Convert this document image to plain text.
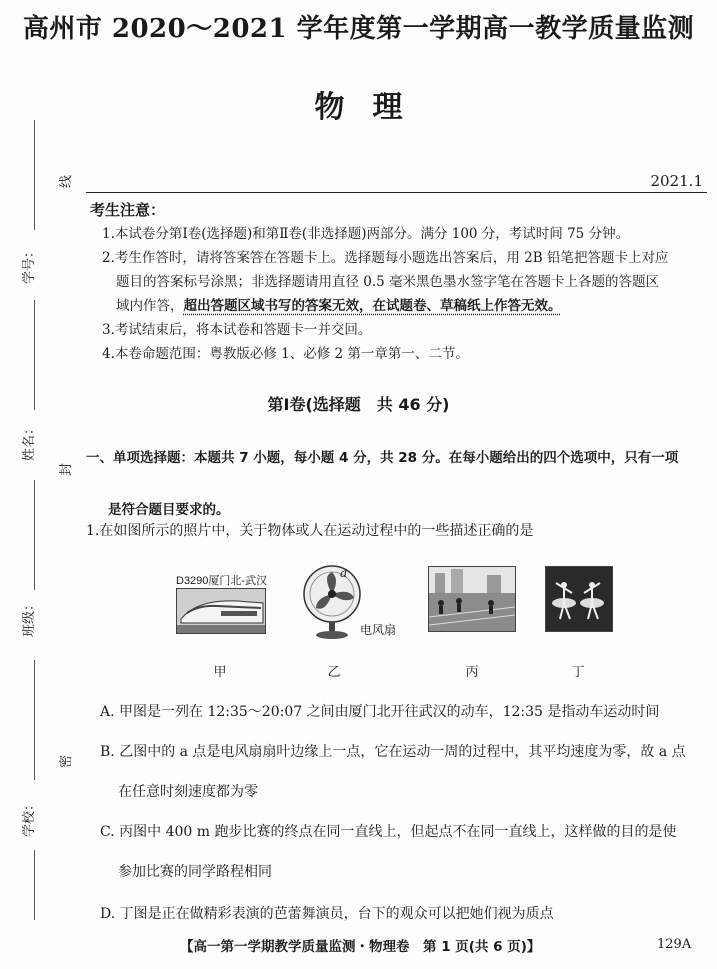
学号：
姓名：
班级：
学校：
线
封
密
高州市 2020～2021 学年度第一学期高一教学质量监测
物理
2021.1
考生注意：

1.本试卷分第Ⅰ卷(选择题)和第Ⅱ卷(非选择题)两部分。满分 100 分，考试时间 75 分钟。

2.考生作答时，请将答案答在答题卡上。选择题每小题选出答案后，用 2B 铅笔把答题卡上对应

题目的答案标号涂黑；非选择题请用直径 0.5 毫米黑色墨水签字笔在答题卡上各题的答题区

域内作答，超出答题区域书写的答案无效，在试题卷、草稿纸上作答无效。

3.考试结束后，将本试卷和答题卡一并交回。

4.本卷命题范围：粤教版必修 1、必修 2 第一章第一、二节。

第Ⅰ卷(选择题　共 46 分)
一、单项选择题：本题共 7 小题，每小题 4 分，共 28 分。在每小题给出的四个选项中，只有一项
是符合题目要求的。
1.在如图所示的照片中，关于物体或人在运动过程中的一些描述正确的是
D3290厦门北-武汉
a
电风扇
甲	乙	丙	丁
A. 甲图是一列在 12:35～20:07 之间由厦门北开往武汉的动车，12:35 是指动车运动时间
B. 乙图中的 a 点是电风扇扇叶边缘上一点，它在运动一周的过程中，其平均速度为零，故 a 点
在任意时刻速度都为零
C. 丙图中 400 m 跑步比赛的终点在同一直线上，但起点不在同一直线上，这样做的目的是使
参加比赛的同学路程相同
D. 丁图是正在做精彩表演的芭蕾舞演员，台下的观众可以把她们视为质点
【高一第一学期教学质量监测・物理卷　第 1 页(共 6 页)】	129A
